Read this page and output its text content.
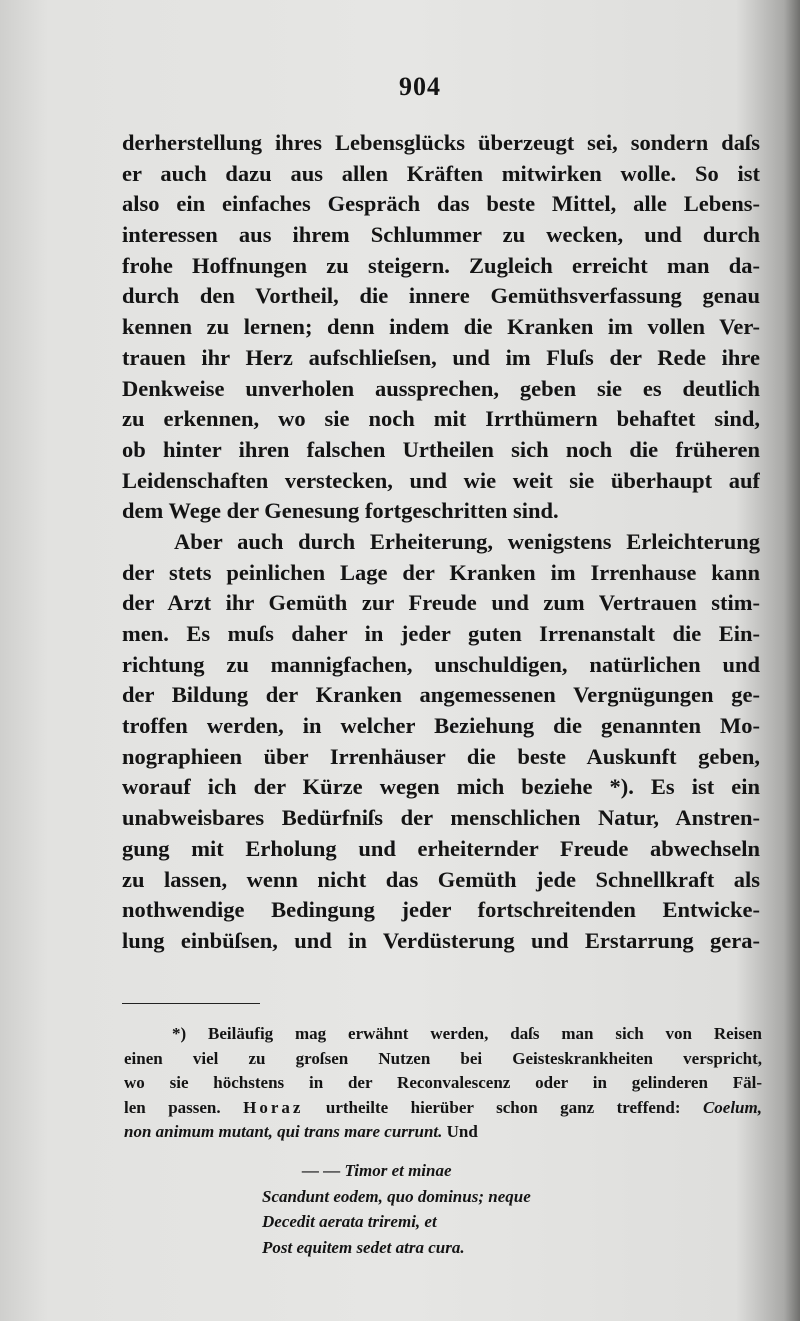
904
derherstellung ihres Lebensglücks überzeugt sei, sondern daſs
er auch dazu aus allen Kräften mitwirken wolle. So ist
also ein einfaches Gespräch das beste Mittel, alle Lebens-
interessen aus ihrem Schlummer zu wecken, und durch
frohe Hoffnungen zu steigern. Zugleich erreicht man da-
durch den Vortheil, die innere Gemüthsverfassung genau
kennen zu lernen; denn indem die Kranken im vollen Ver-
trauen ihr Herz aufschlieſsen, und im Fluſs der Rede ihre
Denkweise unverholen aussprechen, geben sie es deutlich
zu erkennen, wo sie noch mit Irrthümern behaftet sind,
ob hinter ihren falschen Urtheilen sich noch die früheren
Leidenschaften verstecken, und wie weit sie überhaupt auf
dem Wege der Genesung fortgeschritten sind.
Aber auch durch Erheiterung, wenigstens Erleichterung
der stets peinlichen Lage der Kranken im Irrenhause kann
der Arzt ihr Gemüth zur Freude und zum Vertrauen stim-
men. Es muſs daher in jeder guten Irrenanstalt die Ein-
richtung zu mannigfachen, unschuldigen, natürlichen und
der Bildung der Kranken angemessenen Vergnügungen ge-
troffen werden, in welcher Beziehung die genannten Mo-
nographieen über Irrenhäuser die beste Auskunft geben,
worauf ich der Kürze wegen mich beziehe *). Es ist ein
unabweisbares Bedürfniſs der menschlichen Natur, Anstren-
gung mit Erholung und erheiternder Freude abwechseln
zu lassen, wenn nicht das Gemüth jede Schnellkraft als
nothwendige Bedingung jeder fortschreitenden Entwicke-
lung einbüſsen, und in Verdüsterung und Erstarrung gera-
*) Beiläufig mag erwähnt werden, daſs man sich von Reisen
einen viel zu groſsen Nutzen bei Geisteskrankheiten verspricht,
wo sie höchstens in der Reconvalescenz oder in gelinderen Fäl-
len passen. Horaz urtheilte hierüber schon ganz treffend: Coelum,
non animum mutant, qui trans mare currunt. Und
— — Timor et minae
Scandunt eodem, quo dominus; neque
Decedit aerata triremi, et
Post equitem sedet atra cura.
